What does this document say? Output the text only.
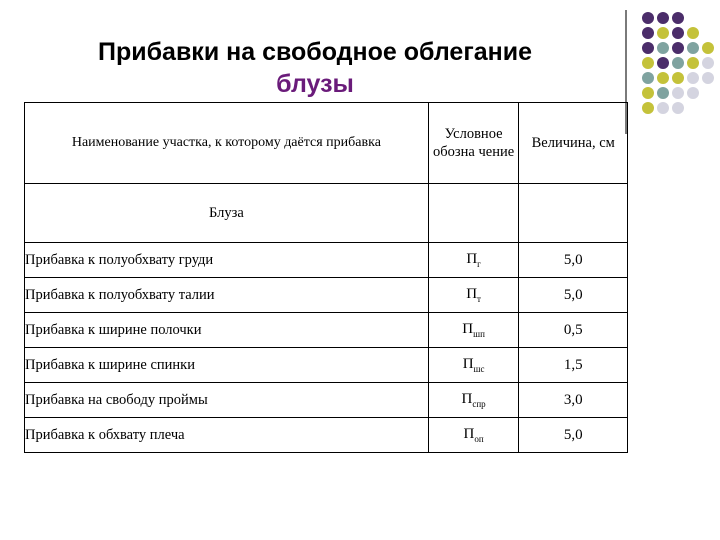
Прибавки на свободное облегание
блузы
Наименование участка, к которому даётся прибавка	Условное обозна чение	Величина, см
Блуза		
Прибавка к полуобхвату груди	$П_г$	5,0
Прибавка к полуобхвату талии	$П_т$	5,0
Прибавка к ширине полочки	$П_{шп}$	0,5
Прибавка к ширине спинки	$П_{шс}$	1,5
Прибавка на свободу проймы	$П_{спр}$	3,0
Прибавка к обхвату плеча	$П_{оп}$	5,0
